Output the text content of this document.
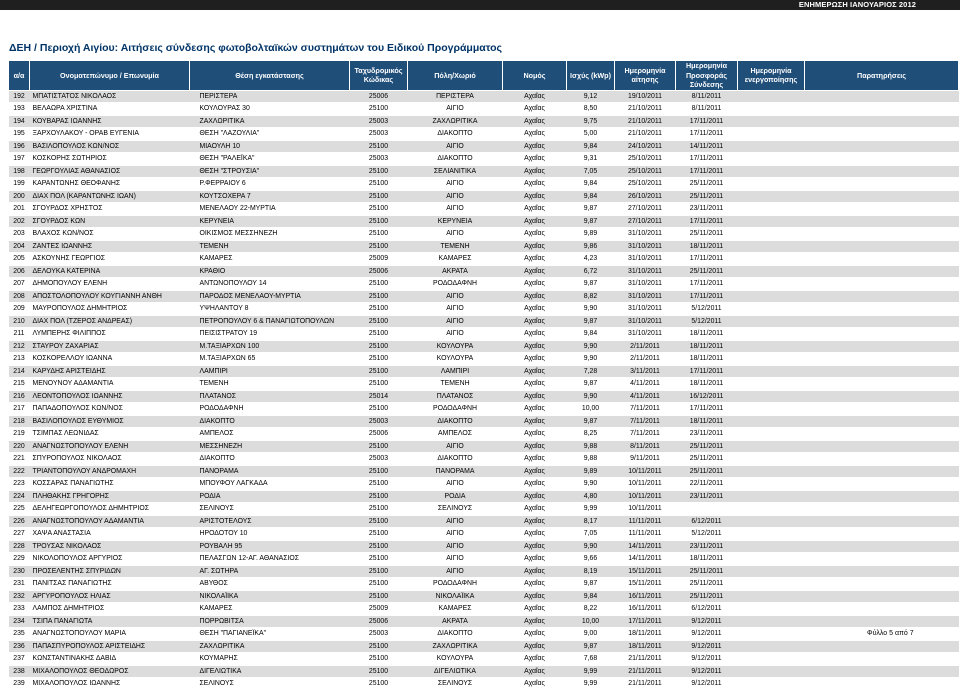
ΕΝΗΜΕΡΩΣΗ ΙΑΝΟΥΑΡΙΟΣ 2012
ΔΕΗ / Περιοχή Αιγίου: Αιτήσεις σύνδεσης φωτοβολταϊκών συστημάτων του Ειδικού Προγράμματος
α/α	Ονοματεπώνυμο / Επωνυμία	Θέση εγκατάστασης	Ταχυδρομικός Κώδικας	Πόλη/Χωριό	Νομός	Ισχύς (kWp)	Ημερομηνία αίτησης	Ημερομηνία Προσφοράς Σύνδεσης	Ημερομηνία ενεργοποίησης	Παρατηρήσεις
192	ΜΠΑΤΙΣΤΑΤΟΣ ΝΙΚΟΛΑΟΣ	ΠΕΡΙΣΤΕΡΑ	25006	ΠΕΡΙΣΤΕΡΑ	Αχαΐας	9,12	19/10/2011	8/11/2011		
193	ΒΕΛΑΩΡΑ ΧΡΙΣΤΙΝΑ	ΚΟΥΛΟΥΡΑΣ 30	25100	ΑΙΓΙΟ	Αχαΐας	8,50	21/10/2011	8/11/2011		
194	ΚΟΥΒΑΡΑΣ ΙΩΑΝΝΗΣ	ΖΑΧΛΩΡΙΤΙΚΑ	25003	ΖΑΧΛΩΡΙΤΙΚΑ	Αχαΐας	9,75	21/10/2011	17/11/2011		
195	ΞΑΡΧΟΥΛΑΚΟΥ - ΟΡΑΒ ΕΥΓΕΝΙΑ	ΘΕΣΗ "ΛΑΖΟΥΛΙΑ"	25003	ΔΙΑΚΟΠΤΟ	Αχαΐας	5,00	21/10/2011	17/11/2011		
196	ΒΑΣΙΛΟΠΟΥΛΟΣ ΚΩΝ/ΝΟΣ	ΜΙΑΟΥΛΗ 10	25100	ΑΙΓΙΟ	Αχαΐας	9,84	24/10/2011	14/11/2011		
197	ΚΟΣΚΟΡΗΣ ΣΩΤΗΡΙΟΣ	ΘΕΣΗ "ΡΑΛΕΪΚΑ"	25003	ΔΙΑΚΟΠΤΟ	Αχαΐας	9,31	25/10/2011	17/11/2011		
198	ΓΕΩΡΓΟΥΛΙΑΣ ΑΘΑΝΑΣΙΟΣ	ΘΕΣΗ "ΣΤΡΟΥΣΙΑ"	25100	ΣΕΛΙΑΝΙΤΙΚΑ	Αχαΐας	7,05	25/10/2011	17/11/2011		
199	ΚΑΡΑΝΤΩΝΗΣ ΘΕΟΦΑΝΗΣ	Ρ.ΦΕΡΡΑΙΟΥ 6	25100	ΑΙΓΙΟ	Αχαΐας	9,84	25/10/2011	25/11/2011		
200	ΔΙΑΧ ΠΟΛ (ΚΑΡΑΝΤΩΝΗΣ ΙΩΑΝ)	ΚΟΥΤΣΟΧΕΡΑ 7	25100	ΑΙΓΙΟ	Αχαΐας	9,84	26/10/2011	25/11/2011		
201	ΣΓΟΥΡΔΟΣ ΧΡΗΣΤΟΣ	ΜΕΝΕΛΑΟΥ 22-ΜΥΡΤΙΑ	25100	ΑΙΓΙΟ	Αχαΐας	9,87	27/10/2011	23/11/2011		
202	ΣΓΟΥΡΔΟΣ ΚΩΝ	ΚΕΡΥΝΕΙΑ	25100	ΚΕΡΥΝΕΙΑ	Αχαΐας	9,87	27/10/2011	17/11/2011		
203	ΒΛΑΧΟΣ ΚΩΝ/ΝΟΣ	ΟΙΚΙΣΜΟΣ ΜΕΣΣΗΝΕΖΗ	25100	ΑΙΓΙΟ	Αχαΐας	9,89	31/10/2011	25/11/2011		
204	ΖΑΝΤΕΣ ΙΩΑΝΝΗΣ	ΤΕΜΕΝΗ	25100	ΤΕΜΕΝΗ	Αχαΐας	9,86	31/10/2011	18/11/2011		
205	ΑΣΚΟΥΝΗΣ ΓΕΩΡΓΙΟΣ	ΚΑΜΑΡΕΣ	25009	ΚΑΜΑΡΕΣ	Αχαΐας	4,23	31/10/2011	17/11/2011		
206	ΔΕΛΟΥΚΑ ΚΑΤΕΡΙΝΑ	ΚΡΑΘΙΟ	25006	ΑΚΡΑΤΑ	Αχαΐας	6,72	31/10/2011	25/11/2011		
207	ΔΗΜΟΠΟΥΛΟΥ ΕΛΕΝΗ	ΑΝΤΩΝΟΠΟΥΛΟΥ 14	25100	ΡΟΔΟΔΑΦΝΗ	Αχαΐας	9,87	31/10/2011	17/11/2011		
208	ΑΠΟΣΤΟΛΟΠΟΥΛΟΥ ΚΟΥΓΙΑΝΝΗ ΑΝΘΗ	ΠΑΡΟΔΟΣ ΜΕΝΕΛΑΟΥ-ΜΥΡΤΙΑ	25100	ΑΙΓΙΟ	Αχαΐας	8,82	31/10/2011	17/11/2011		
209	ΜΑΥΡΟΠΟΥΛΟΣ ΔΗΜΗΤΡΙΟΣ	ΥΨΗΛΑΝΤΟΥ 8	25100	ΑΙΓΙΟ	Αχαΐας	9,90	31/10/2011	5/12/2011		
210	ΔΙΑΧ ΠΟΛ (ΤΖΕΡΟΣ ΑΝΔΡΕΑΣ)	ΠΕΤΡΟΠΟΥΛΟΥ 6 & ΠΑΝΑΓΙΩΤΟΠΟΥΛΩΝ	25100	ΑΙΓΙΟ	Αχαΐας	9,87	31/10/2011	5/12/2011		
211	ΛΥΜΠΕΡΗΣ ΦΙΛΙΠΠΟΣ	ΠΕΙΣΙΣΤΡΑΤΟΥ 19	25100	ΑΙΓΙΟ	Αχαΐας	9,84	31/10/2011	18/11/2011		
212	ΣΤΑΥΡΟΥ ΖΑΧΑΡΙΑΣ	Μ.ΤΑΞΙΑΡΧΩΝ 100	25100	ΚΟΥΛΟΥΡΑ	Αχαΐας	9,90	2/11/2011	18/11/2011		
213	ΚΟΣΚΟΡΕΛΛΟΥ ΙΩΑΝΝΑ	Μ.ΤΑΞΙΑΡΧΩΝ 65	25100	ΚΟΥΛΟΥΡΑ	Αχαΐας	9,90	2/11/2011	18/11/2011		
214	ΚΑΡΥΔΗΣ ΑΡΙΣΤΕΙΔΗΣ	ΛΑΜΠΙΡΙ	25100	ΛΑΜΠΙΡΙ	Αχαΐας	7,28	3/11/2011	17/11/2011		
215	ΜΕΝΟΥΝΟΥ ΑΔΑΜΑΝΤΙΑ	ΤΕΜΕΝΗ	25100	ΤΕΜΕΝΗ	Αχαΐας	9,87	4/11/2011	18/11/2011		
216	ΛΕΟΝΤΟΠΟΥΛΟΣ ΙΩΑΝΝΗΣ	ΠΛΑΤΑΝΟΣ	25014	ΠΛΑΤΑΝΟΣ	Αχαΐας	9,90	4/11/2011	16/12/2011		
217	ΠΑΠΑΔΟΠΟΥΛΟΣ ΚΩΝ/ΝΟΣ	ΡΟΔΟΔΑΦΝΗ	25100	ΡΟΔΟΔΑΦΝΗ	Αχαΐας	10,00	7/11/2011	17/11/2011		
218	ΒΑΣΙΛΟΠΟΥΛΟΣ ΕΥΘΥΜΙΟΣ	ΔΙΑΚΟΠΤΟ	25003	ΔΙΑΚΟΠΤΟ	Αχαΐας	9,87	7/11/2011	18/11/2011		
219	ΤΣΙΜΠΑΣ ΛΕΩΝΙΔΑΣ	ΑΜΠΕΛΟΣ	25006	ΑΜΠΕΛΟΣ	Αχαΐας	8,25	7/11/2011	23/11/2011		
220	ΑΝΑΓΝΩΣΤΟΠΟΥΛΟΥ ΕΛΕΝΗ	ΜΕΣΣΗΝΕΖΗ	25100	ΑΙΓΙΟ	Αχαΐας	9,88	8/11/2011	25/11/2011		
221	ΣΠΥΡΟΠΟΥΛΟΣ ΝΙΚΟΛΑΟΣ	ΔΙΑΚΟΠΤΟ	25003	ΔΙΑΚΟΠΤΟ	Αχαΐας	9,88	9/11/2011	25/11/2011		
222	ΤΡΙΑΝΤΟΠΟΥΛΟΥ ΑΝΔΡΟΜΑΧΗ	ΠΑΝΟΡΑΜΑ	25100	ΠΑΝΟΡΑΜΑ	Αχαΐας	9,89	10/11/2011	25/11/2011		
223	ΚΟΣΣΑΡΑΣ ΠΑΝΑΓΙΩΤΗΣ	ΜΠΟΥΦΟΥ ΛΑΓΚΑΔΑ	25100	ΑΙΓΙΟ	Αχαΐας	9,90	10/11/2011	22/11/2011		
224	ΠΛΗΘΑΚΗΣ ΓΡΗΓΟΡΗΣ	ΡΟΔΙΑ	25100	ΡΟΔΙΑ	Αχαΐας	4,80	10/11/2011	23/11/2011		
225	ΔΕΛΗΓΕΩΡΓΟΠΟΥΛΟΣ ΔΗΜΗΤΡΙΟΣ	ΣΕΛΙΝΟΥΣ	25100	ΣΕΛΙΝΟΥΣ	Αχαΐας	9,99	10/11/2011			
226	ΑΝΑΓΝΩΣΤΟΠΟΥΛΟΥ ΑΔΑΜΑΝΤΙΑ	ΑΡΙΣΤΟΤΕΛΟΥΣ	25100	ΑΙΓΙΟ	Αχαΐας	8,17	11/11/2011	6/12/2011		
227	ΧΑΨΑ ΑΝΑΣΤΑΣΙΑ	ΗΡΟΔΟΤΟΥ 10	25100	ΑΙΓΙΟ	Αχαΐας	7,05	11/11/2011	5/12/2011		
228	ΤΡΟΥΣΑΣ ΝΙΚΟΛΑΟΣ	ΡΟΥΒΑΛΗ 95	25100	ΑΙΓΙΟ	Αχαΐας	9,90	14/11/2011	23/11/2011		
229	ΝΙΚΟΛΟΠΟΥΛΟΣ ΑΡΓΥΡΙΟΣ	ΠΕΛΑΣΓΩΝ 12-ΑΓ. ΑΘΑΝΑΣΙΟΣ	25100	ΑΙΓΙΟ	Αχαΐας	9,66	14/11/2011	18/11/2011		
230	ΠΡΟΣΕΛΕΝΤΗΣ ΣΠΥΡΙΔΩΝ	ΑΓ. ΣΩΤΗΡΑ	25100	ΑΙΓΙΟ	Αχαΐας	8,19	15/11/2011	25/11/2011		
231	ΠΑΝΙΤΣΑΣ ΠΑΝΑΓΙΩΤΗΣ	ΑΒΥΘΟΣ	25100	ΡΟΔΟΔΑΦΝΗ	Αχαΐας	9,87	15/11/2011	25/11/2011		
232	ΑΡΓΥΡΟΠΟΥΛΟΣ ΗΛΙΑΣ	ΝΙΚΟΛΑΪΙΚΑ	25100	ΝΙΚΟΛΑΪΙΚΑ	Αχαΐας	9,84	16/11/2011	25/11/2011		
233	ΛΑΜΠΟΣ ΔΗΜΗΤΡΙΟΣ	ΚΑΜΑΡΕΣ	25009	ΚΑΜΑΡΕΣ	Αχαΐας	8,22	16/11/2011	6/12/2011		
234	ΤΣΙΠΑ ΠΑΝΑΓΙΩΤΑ	ΠΟΡΡΩΒΙΤΣΑ	25006	ΑΚΡΑΤΑ	Αχαΐας	10,00	17/11/2011	9/12/2011		
235	ΑΝΑΓΝΩΣΤΟΠΟΥΛΟΥ ΜΑΡΙΑ	ΘΕΣΗ "ΠΑΓΙΑΝΕΪΚΑ"	25003	ΔΙΑΚΟΠΤΟ	Αχαΐας	9,00	18/11/2011	9/12/2011		
236	ΠΑΠΑΣΠΥΡΟΠΟΥΛΟΣ ΑΡΙΣΤΕΙΔΗΣ	ΖΑΧΛΩΡΙΤΙΚΑ	25100	ΖΑΧΛΩΡΙΤΙΚΑ	Αχαΐας	9,87	18/11/2011	9/12/2011		
237	ΚΩΝΣΤΑΝΤΙΝΑΚΗΣ ΔΑΒΙΔ	ΚΟΥΜΑΡΗΣ	25100	ΚΟΥΛΟΥΡΑ	Αχαΐας	7,68	21/11/2011	9/12/2011		
238	ΜΙΧΑΛΟΠΟΥΛΟΣ ΘΕΟΔΩΡΟΣ	ΔΙΓΕΛΙΩΤΙΚΑ	25100	ΔΙΓΕΛΙΩΤΙΚΑ	Αχαΐας	9,99	21/11/2011	9/12/2011		
239	ΜΙΧΑΛΟΠΟΥΛΟΣ ΙΩΑΝΝΗΣ	ΣΕΛΙΝΟΥΣ	25100	ΣΕΛΙΝΟΥΣ	Αχαΐας	9,99	21/11/2011	9/12/2011		
Φύλλο 5 από 7
